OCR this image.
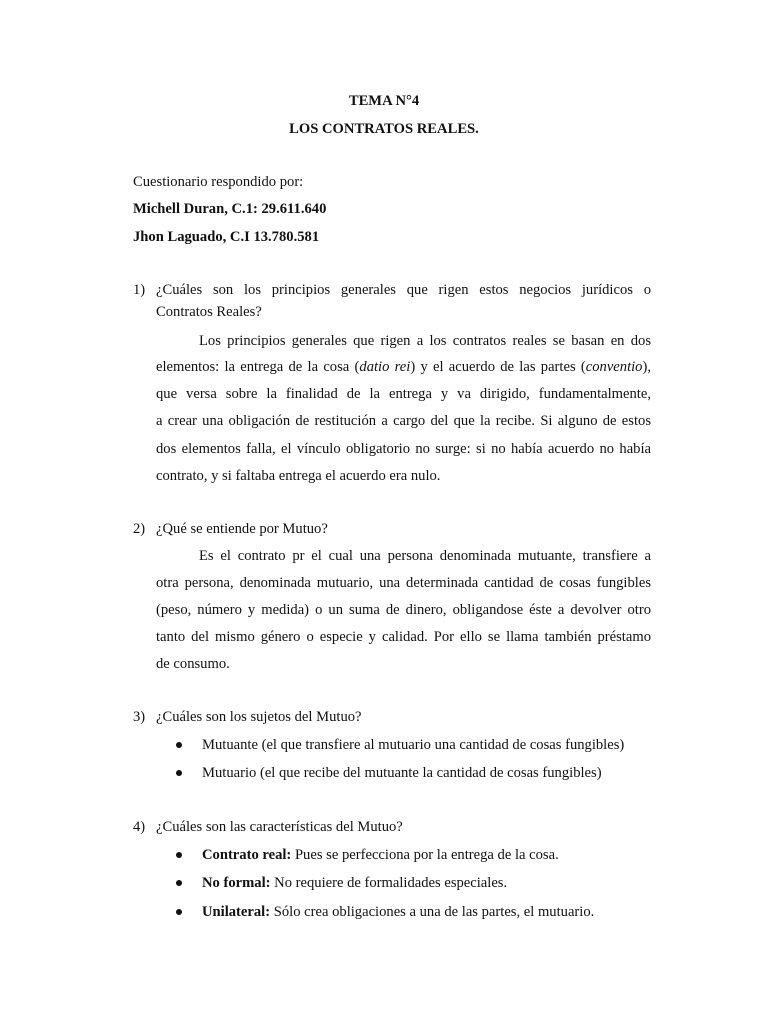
TEMA N°4
LOS CONTRATOS REALES.
Cuestionario respondido por:
Michell Duran, C.1: 29.611.640
Jhon Laguado, C.I 13.780.581
1) ¿Cuáles son los principios generales que rigen estos negocios jurídicos o
Contratos Reales?
Los principios generales que rigen a los contratos reales se basan en dos
elementos: la entrega de la cosa (datio rei) y el acuerdo de las partes (conventio),
que versa sobre la finalidad de la entrega y va dirigido, fundamentalmente,
a crear una obligación de restitución a cargo del que la recibe. Si alguno de estos
dos elementos falla, el vínculo obligatorio no surge: si no había acuerdo no había
contrato, y si faltaba entrega el acuerdo era nulo.
2) ¿Qué se entiende por Mutuo?
Es el contrato pr el cual una persona denominada mutuante, transfiere a
otra persona, denominada mutuario, una determinada cantidad de cosas fungibles
(peso, número y medida) o un suma de dinero, obligandose éste a devolver otro
tanto del mismo género o especie y calidad. Por ello se llama también préstamo
de consumo.
3) ¿Cuáles son los sujetos del Mutuo?
Mutuante (el que transfiere al mutuario una cantidad de cosas fungibles)
Mutuario (el que recibe del mutuante la cantidad de cosas fungibles)
4) ¿Cuáles son las características del Mutuo?
Contrato real: Pues se perfecciona por la entrega de la cosa.
No formal: No requiere de formalidades especiales.
Unilateral: Sólo crea obligaciones a una de las partes, el mutuario.
